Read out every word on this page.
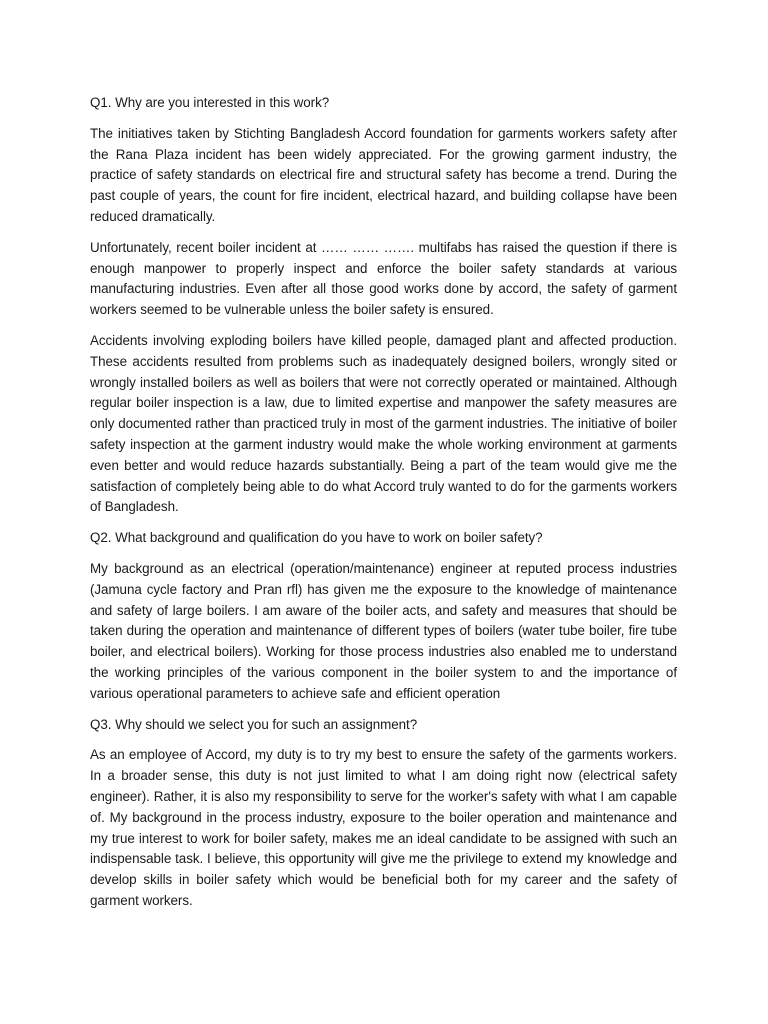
Q1. Why are you interested in this work?

The initiatives taken by Stichting Bangladesh Accord foundation for garments workers safety after the Rana Plaza incident has been widely appreciated. For the growing garment industry, the practice of safety standards on electrical fire and structural safety has become a trend. During the past couple of years, the count for fire incident, electrical hazard, and building collapse have been reduced dramatically.

Unfortunately, recent boiler incident at …… …… ……. multifabs has raised the question if there is enough manpower to properly inspect and enforce the boiler safety standards at various manufacturing industries. Even after all those good works done by accord, the safety of garment workers seemed to be vulnerable unless the boiler safety is ensured.

Accidents involving exploding boilers have killed people, damaged plant and affected production. These accidents resulted from problems such as inadequately designed boilers, wrongly sited or wrongly installed boilers as well as boilers that were not correctly operated or maintained. Although regular boiler inspection is a law, due to limited expertise and manpower the safety measures are only documented rather than practiced truly in most of the garment industries. The initiative of boiler safety inspection at the garment industry would make the whole working environment at garments even better and would reduce hazards substantially. Being a part of the team would give me the satisfaction of completely being able to do what Accord truly wanted to do for the garments workers of Bangladesh.

Q2. What background and qualification do you have to work on boiler safety?

My background as an electrical (operation/maintenance) engineer at reputed process industries (Jamuna cycle factory and Pran rfl) has given me the exposure to the knowledge of maintenance and safety of large boilers. I am aware of the boiler acts, and safety and measures that should be taken during the operation and maintenance of different types of boilers (water tube boiler, fire tube boiler, and electrical boilers). Working for those process industries also enabled me to understand the working principles of the various component in the boiler system to and the importance of various operational parameters to achieve safe and efficient operation

Q3. Why should we select you for such an assignment?

As an employee of Accord, my duty is to try my best to ensure the safety of the garments workers. In a broader sense, this duty is not just limited to what I am doing right now (electrical safety engineer). Rather, it is also my responsibility to serve for the worker's safety with what I am capable of. My background in the process industry, exposure to the boiler operation and maintenance and my true interest to work for boiler safety, makes me an ideal candidate to be assigned with such an indispensable task. I believe, this opportunity will give me the privilege to extend my knowledge and develop skills in boiler safety which would be beneficial both for my career and the safety of garment workers.
